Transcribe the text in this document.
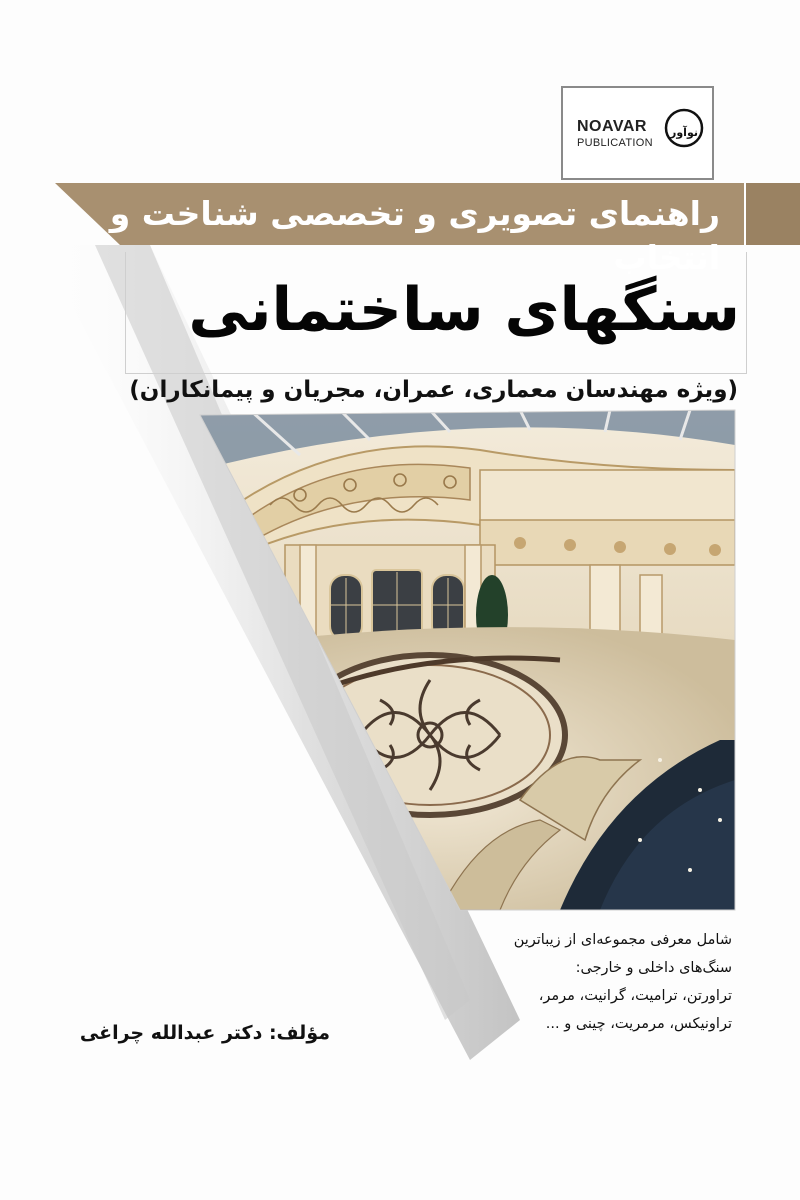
NOAVAR
PUBLICATION
نوآور
راهنمای تصویری و تخصصی شناخت و انتخاب
سنگهای ساختمانی
(ویژه مهندسان معماری، عمران، مجریان و پیمانکاران)

شامل معرفی مجموعه‌ای از زیباترین

سنگ‌های داخلی و خارجی:

تراورتن، ترامیت، گرانیت، مرمر،

تراونیکس، مرمریت، چینی و ...

مؤلف: دکتر عبدالله چراغی
